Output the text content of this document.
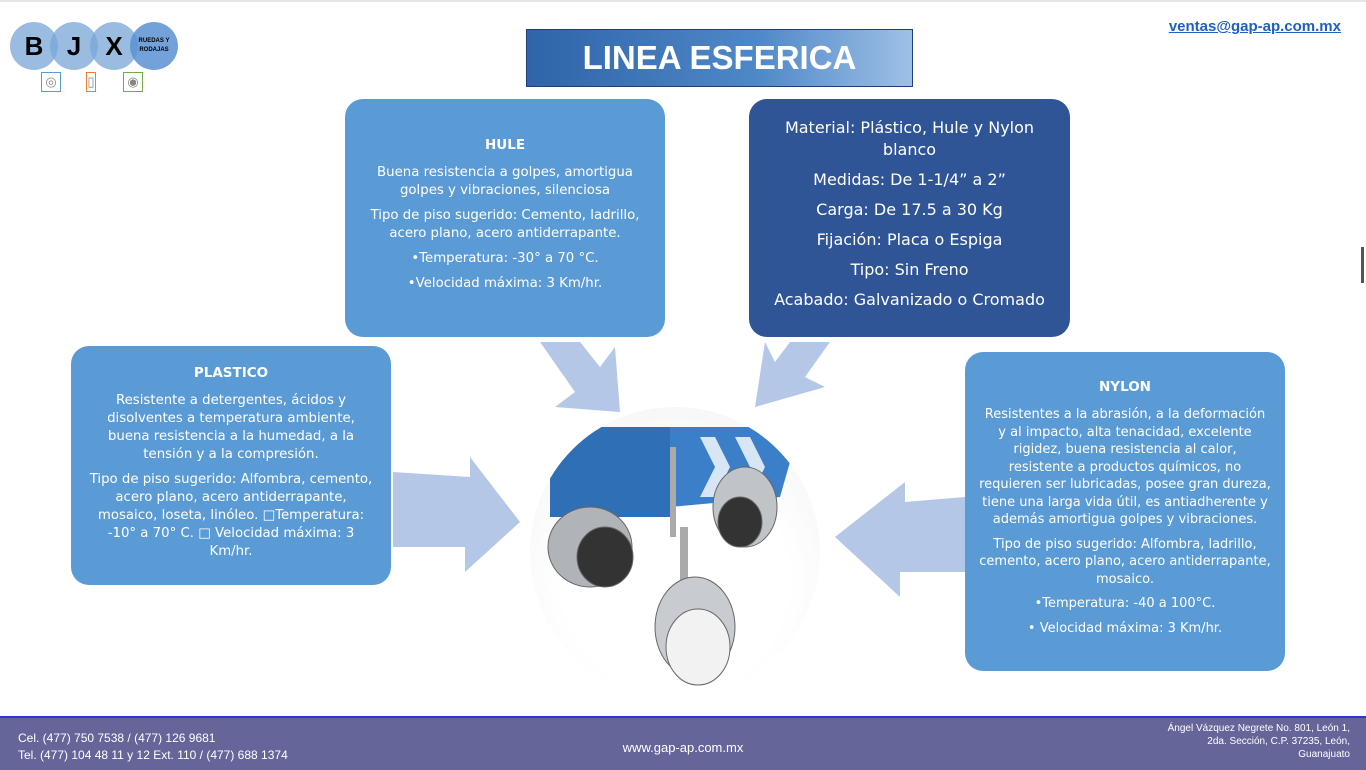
B J X	RUEDAS Y RODAJAS
◎	▯	◉
ventas@gap-ap.com.mx
LINEA ESFERICA
HULE

Buena resistencia a golpes, amortigua golpes y vibraciones, silenciosa

Tipo de piso sugerido: Cemento, ladrillo, acero plano, acero antiderrapante.

•Temperatura: -30° a 70 °C.

•Velocidad máxima: 3 Km/hr.

Material: Plástico, Hule y Nylon blanco

Medidas: De 1-1/4” a 2”

Carga: De 17.5 a 30 Kg

Fijación: Placa o Espiga

Tipo: Sin Freno

Acabado: Galvanizado o Cromado

PLASTICO

Resistente a detergentes, ácidos y disolventes a temperatura ambiente, buena resistencia a la humedad, a la tensión y a la compresión.

Tipo de piso sugerido: Alfombra, cemento, acero plano, acero antiderrapante, mosaico, loseta, linóleo. □Temperatura: -10° a 70° C. □ Velocidad máxima: 3 Km/hr.

NYLON

Resistentes a la abrasión, a la deformación y al impacto, alta tenacidad, excelente rigidez, buena resistencia al calor, resistente a productos químicos, no requieren ser lubricadas, posee gran dureza, tiene una larga vida útil, es antiadherente y además amortigua golpes y vibraciones.

Tipo de piso sugerido: Alfombra, ladrillo, cemento, acero plano, acero antiderrapante, mosaico.

•Temperatura: -40 a 100°C.

• Velocidad máxima: 3 Km/hr.

Cel. (477) 750 7538 / (477) 126 9681
Tel. (477) 104 48 11 y 12 Ext. 110 / (477) 688 1374	www.gap-ap.com.mx
Ángel Vázquez Negrete No. 801, León 1,
2da. Sección, C.P. 37235, León,
Guanajuato
